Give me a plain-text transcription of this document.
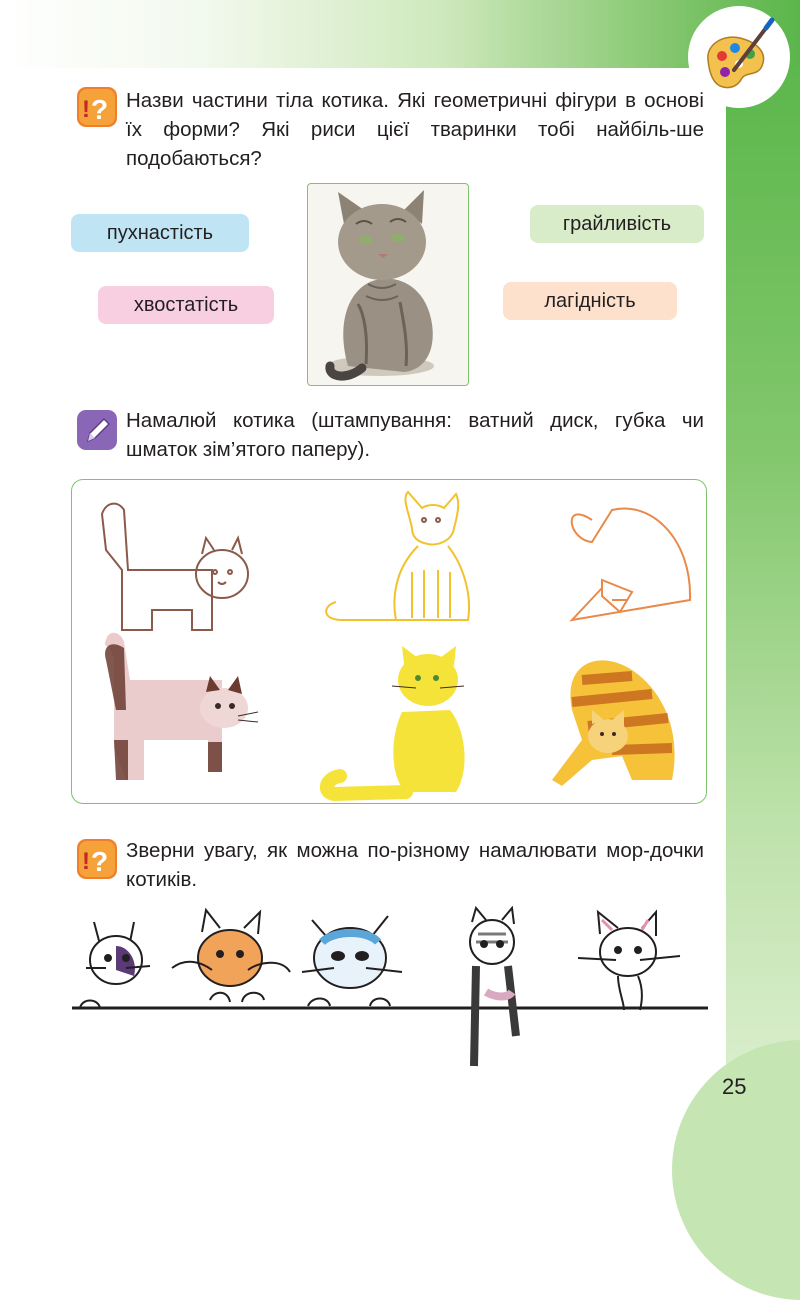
25
! ? Назви частини тіла котика. Які геометричні фігури в основі їх форми? Які риси цієї тваринки тобі найбіль-ше подобаються?
пухнастість
хвостатість
грайливість
лагідність
Намалюй котика (штампування: ватний диск, губка чи шматок зім’ятого паперу).
! ? Зверни увагу, як можна по-різному намалювати мор-дочки котиків.
